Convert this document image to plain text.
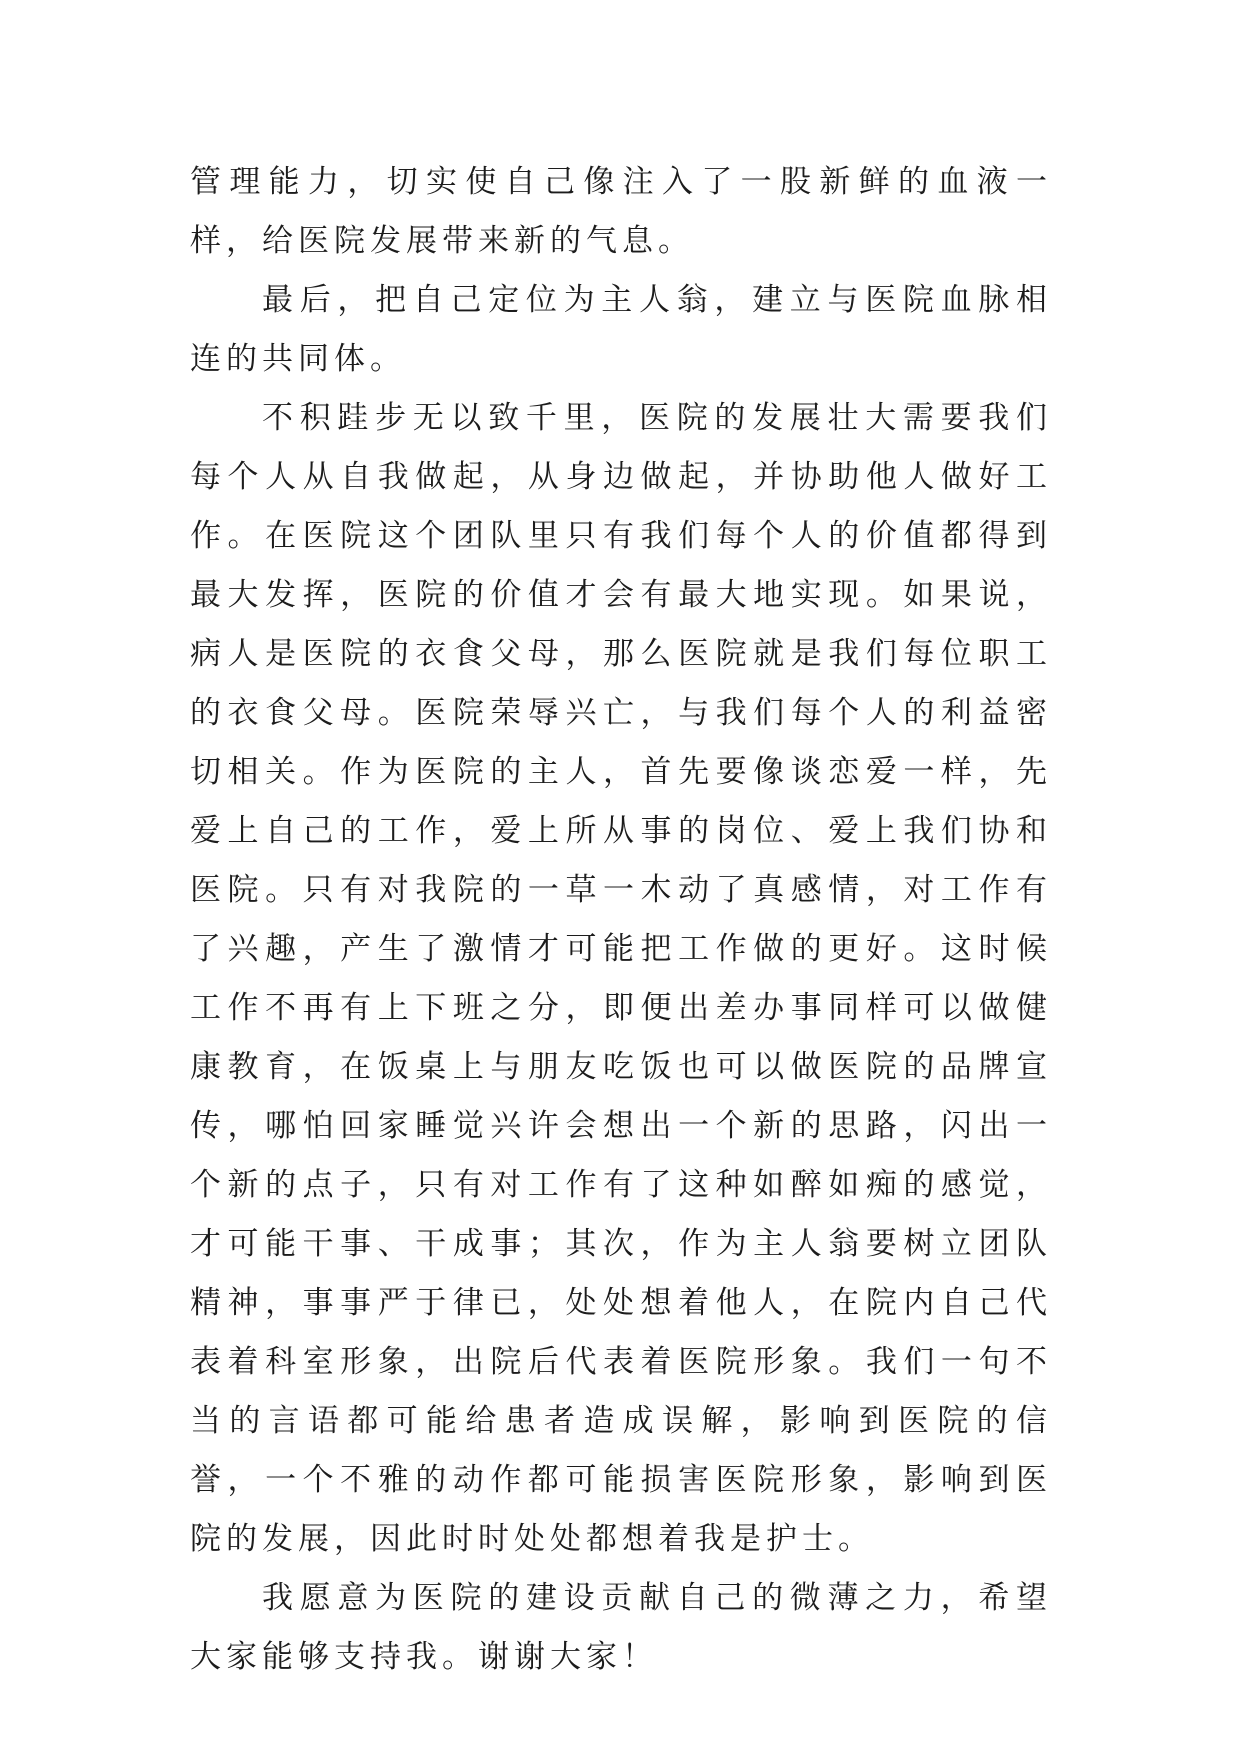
管理能力，切实使自己像注入了一股新鲜的血液一样，给医院发展带来新的气息。

最后，把自己定位为主人翁，建立与医院血脉相连的共同体。

不积跬步无以致千里，医院的发展壮大需要我们每个人从自我做起，从身边做起，并协助他人做好工作。在医院这个团队里只有我们每个人的价值都得到最大发挥，医院的价值才会有最大地实现。如果说，病人是医院的衣食父母，那么医院就是我们每位职工的衣食父母。医院荣辱兴亡，与我们每个人的利益密切相关。作为医院的主人，首先要像谈恋爱一样，先爱上自己的工作，爱上所从事的岗位、爱上我们协和医院。只有对我院的一草一木动了真感情，对工作有了兴趣，产生了激情才可能把工作做的更好。这时候工作不再有上下班之分，即便出差办事同样可以做健康教育，在饭桌上与朋友吃饭也可以做医院的品牌宣传，哪怕回家睡觉兴许会想出一个新的思路，闪出一个新的点子，只有对工作有了这种如醉如痴的感觉，才可能干事、干成事；其次，作为主人翁要树立团队精神，事事严于律已，处处想着他人，在院内自己代表着科室形象，出院后代表着医院形象。我们一句不当的言语都可能给患者造成误解，影响到医院的信誉，一个不雅的动作都可能损害医院形象，影响到医院的发展，因此时时处处都想着我是护士。

我愿意为医院的建设贡献自己的微薄之力，希望大家能够支持我。谢谢大家！
